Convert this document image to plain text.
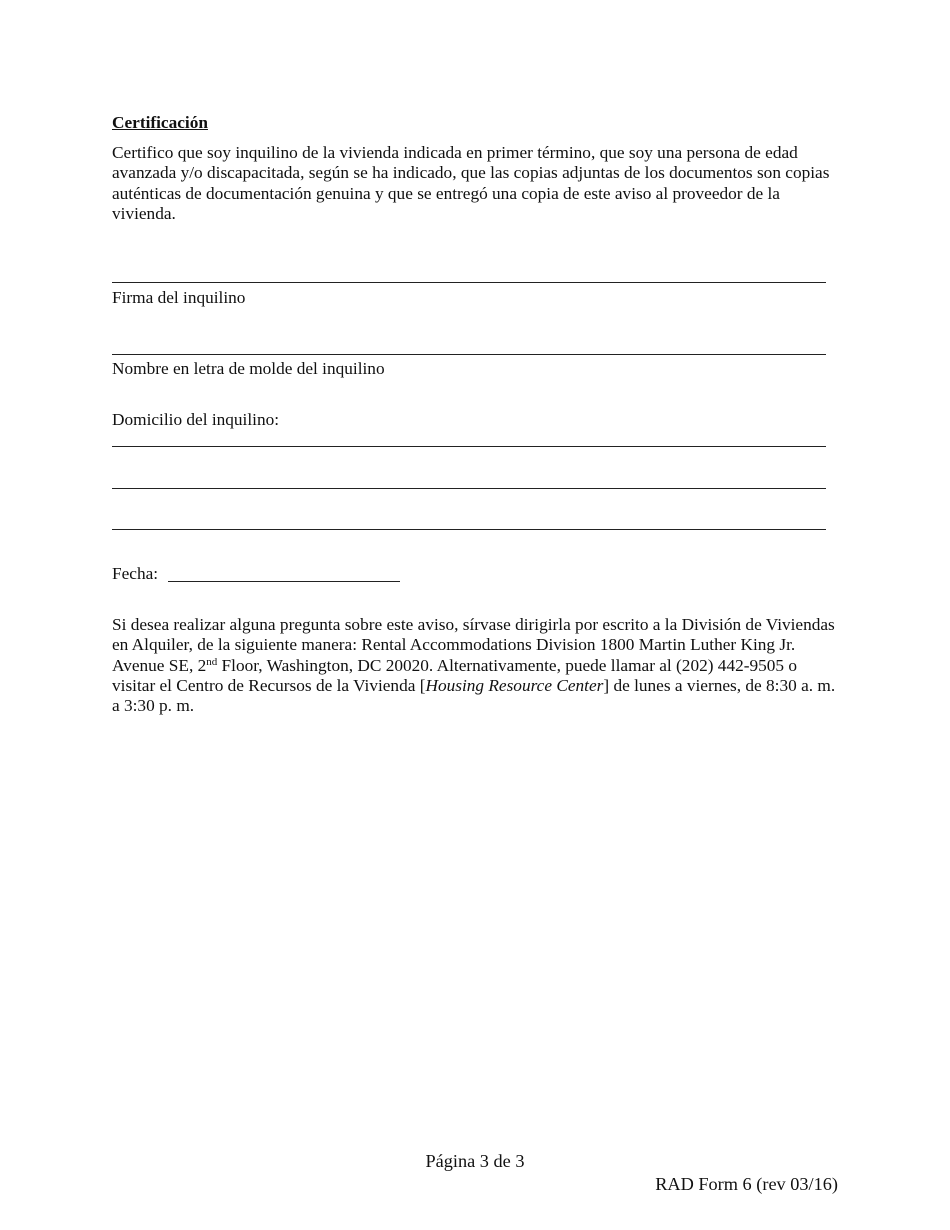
Certificación
Certifico que soy inquilino de la vivienda indicada en primer término, que soy una persona de edad avanzada y/o discapacitada, según se ha indicado, que las copias adjuntas de los documentos son copias auténticas de documentación genuina y que se entregó una copia de este aviso al proveedor de la vivienda.
Firma del inquilino
Nombre en letra de molde del inquilino
Domicilio del inquilino:
Fecha:
Si desea realizar alguna pregunta sobre este aviso, sírvase dirigirla por escrito a la División de Viviendas en Alquiler, de la siguiente manera: Rental Accommodations Division 1800 Martin Luther King Jr. Avenue SE, 2nd Floor, Washington, DC 20020. Alternativamente, puede llamar al (202) 442-9505 o visitar el Centro de Recursos de la Vivienda [Housing Resource Center] de lunes a viernes, de 8:30 a. m. a 3:30 p. m.
Página 3 de 3
RAD Form 6 (rev 03/16)
